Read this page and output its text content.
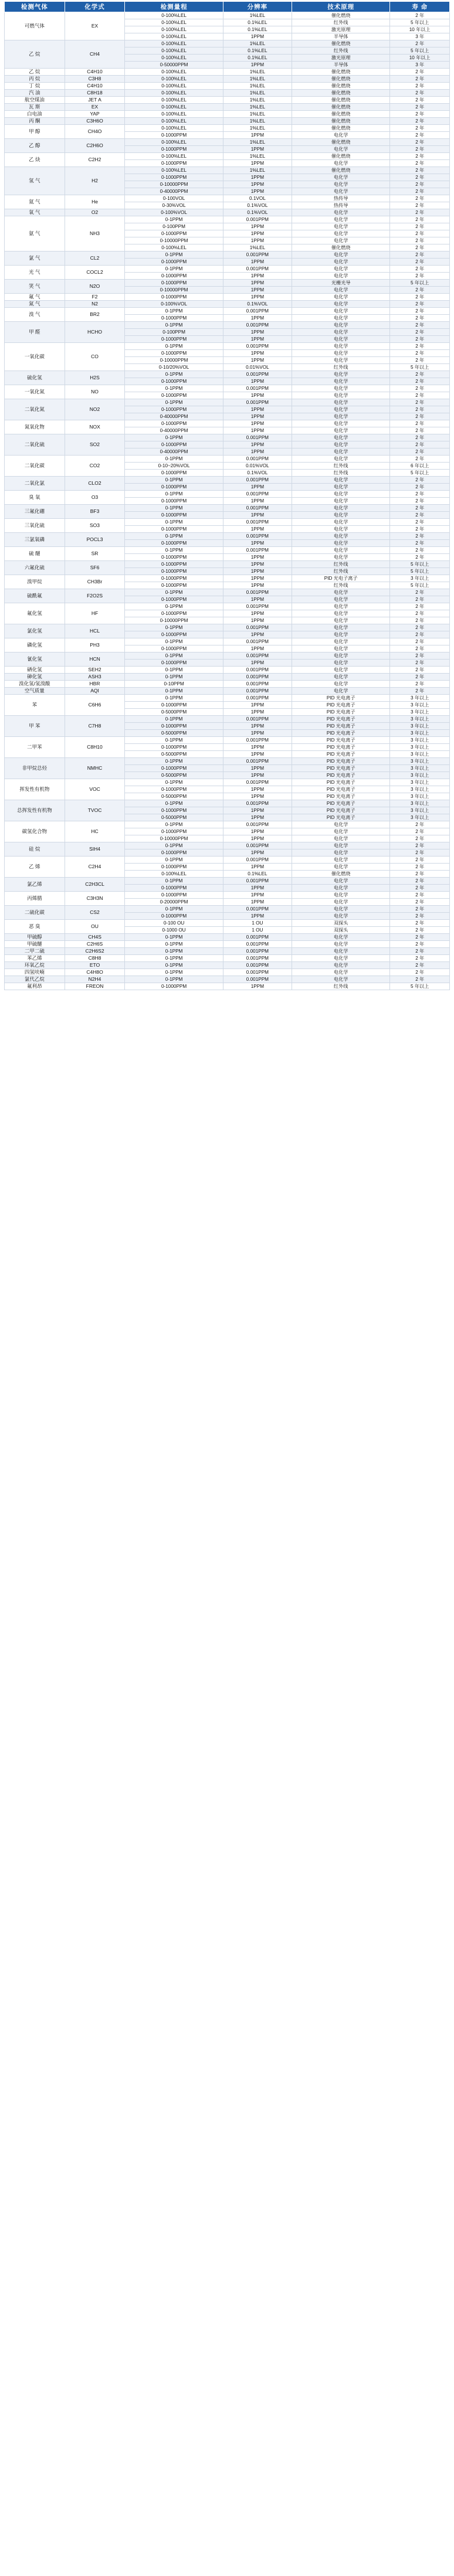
检测气体	化学式	检测量程	分辨率	技术原理	寿 命
可燃气体	EX	0-100%LEL	1%LEL	催化燃烧	2 年
		0-100%LEL	0.1%LEL	红外线	5 年以上
		0-100%LEL	0.1%LEL	激光原理	10 年以上
		0-100%LEL	1PPM	半导体	3 年
乙 烷	CH4	0-100%LEL	1%LEL	催化燃烧	2 年
		0-100%LEL	0.1%LEL	红外线	5 年以上
		0-100%LEL	0.1%LEL	激光原理	10 年以上
		0-50000PPM	1PPM	半导体	3 年
乙 烷	C4H10	0-100%LEL	1%LEL	催化燃烧	2 年
丙 烷	C3H8	0-100%LEL	1%LEL	催化燃烧	2 年
丁 烷	C4H10	0-100%LEL	1%LEL	催化燃烧	2 年
汽 油	C8H18	0-100%LEL	1%LEL	催化燃烧	2 年
航空煤油	JET A	0-100%LEL	1%LEL	催化燃烧	2 年
瓦 斯	EX	0-100%LEL	1%LEL	催化燃烧	2 年
白电油	YAP	0-100%LEL	1%LEL	催化燃烧	2 年
丙 酮	C3H6O	0-100%LEL	1%LEL	催化燃烧	2 年
甲 醇	CH4O	0-100%LEL	1%LEL	催化燃烧	2 年
		0-1000PPM	1PPM	电化学	2 年
乙 醇	C2H6O	0-100%LEL	1%LEL	催化燃烧	2 年
		0-1000PPM	1PPM	电化学	2 年
乙 炔	C2H2	0-100%LEL	1%LEL	催化燃烧	2 年
		0-1000PPM	1PPM	电化学	2 年
氢 气	H2	0-100%LEL	1%LEL	催化燃烧	2 年
		0-1000PPM	1PPM	电化学	2 年
		0-10000PPM	1PPM	电化学	2 年
		0-40000PPM	1PPM	电化学	2 年
氦 气	He	0-100VOL	0.1VOL	热传导	2 年
		0-30%VOL	0.1%VOL	热传导	2 年
氧 气	O2	0-100%VOL	0.1%VOL	电化学	2 年
氨 气	NH3	0-1PPM	0.001PPM	电化学	2 年
		0-100PPM	1PPM	电化学	2 年
		0-1000PPM	1PPM	电化学	2 年
		0-10000PPM	1PPM	电化学	2 年
		0-100%LEL	1%LEL	催化燃烧	2 年
氯 气	CL2	0-1PPM	0.001PPM	电化学	2 年
		0-1000PPM	1PPM	电化学	2 年
光 气	COCL2	0-1PPM	0.001PPM	电化学	2 年
		0-1000PPM	1PPM	电化学	2 年
笑 气	N2O	0-1000PPM	1PPM	光栅光导	5 年以上
		0-10000PPM	1PPM	电化学	2 年
氟 气	F2	0-1000PPM	1PPM	电化学	2 年
氮 气	N2	0-100%VOL	0.1%VOL	电化学	2 年
溴 气	BR2	0-1PPM	0.001PPM	电化学	2 年
		0-1000PPM	1PPM	电化学	2 年
甲 醛	HCHO	0-1PPM	0.001PPM	电化学	2 年
		0-100PPM	1PPM	电化学	2 年
		0-1000PPM	1PPM	电化学	2 年
一氧化碳	CO	0-1PPM	0.001PPM	电化学	2 年
		0-1000PPM	1PPM	电化学	2 年
		0-10000PPM	1PPM	电化学	2 年
		0-10/20%VOL	0.01%VOL	红外线	5 年以上
硫化氢	H2S	0-1PPM	0.001PPM	电化学	2 年
		0-1000PPM	1PPM	电化学	2 年
一氧化氮	NO	0-1PPM	0.001PPM	电化学	2 年
		0-1000PPM	1PPM	电化学	2 年
二氧化氮	NO2	0-1PPM	0.001PPM	电化学	2 年
		0-1000PPM	1PPM	电化学	2 年
		0-40000PPM	1PPM	电化学	2 年
氮氧化物	NOX	0-1000PPM	1PPM	电化学	2 年
		0-40000PPM	1PPM	电化学	2 年
二氧化硫	SO2	0-1PPM	0.001PPM	电化学	2 年
		0-1000PPM	1PPM	电化学	2 年
		0-40000PPM	1PPM	电化学	2 年
二氧化碳	CO2	0-1PPM	0.001PPM	电化学	2 年
		0-10~20%VOL	0.01%VOL	红外线	6 年以上
		0-1000PPM	0.1%VOL	红外线	5 年以上
二氧化氯	CLO2	0-1PPM	0.001PPM	电化学	2 年
		0-1000PPM	1PPM	电化学	2 年
臭 氧	O3	0-1PPM	0.001PPM	电化学	2 年
		0-1000PPM	1PPM	电化学	2 年
三氟化硼	BF3	0-1PPM	0.001PPM	电化学	2 年
		0-1000PPM	1PPM	电化学	2 年
三氧化硫	SO3	0-1PPM	0.001PPM	电化学	2 年
		0-1000PPM	1PPM	电化学	2 年
三氯氧磷	POCL3	0-1PPM	0.001PPM	电化学	2 年
		0-1000PPM	1PPM	电化学	2 年
硫 醚	SR	0-1PPM	0.001PPM	电化学	2 年
		0-1000PPM	1PPM	电化学	2 年
六氟化硫	SF6	0-1000PPM	1PPM	红外线	5 年以上
		0-1000PPM	1PPM	红外线	5 年以上
溴甲烷	CH3Br	0-1000PPM	1PPM	PID 光电子离子	3 年以上
		0-1000PPM	1PPM	红外线	5 年以上
硫酰氟	F2O2S	0-1PPM	0.001PPM	电化学	2 年
		0-1000PPM	1PPM	电化学	2 年
氟化氢	HF	0-1PPM	0.001PPM	电化学	2 年
		0-1000PPM	1PPM	电化学	2 年
		0-10000PPM	1PPM	电化学	2 年
氯化氢	HCL	0-1PPM	0.001PPM	电化学	2 年
		0-1000PPM	1PPM	电化学	2 年
磷化氢	PH3	0-1PPM	0.001PPM	电化学	2 年
		0-1000PPM	1PPM	电化学	2 年
氰化氢	HCN	0-1PPM	0.001PPM	电化学	2 年
		0-1000PPM	1PPM	电化学	2 年
硒化氢	SEH2	0-1PPM	0.001PPM	电化学	2 年
砷化氢	ASH3	0-1PPM	0.001PPM	电化学	2 年
溴化氢/氢溴酸	HBR	0-10PPM	0.001PPM	电化学	2 年
空气质量	AQI	0-1PPM	0.001PPM	电化学	2 年
苯	C6H6	0-1PPM	0.001PPM	PID 光电离子	3 年以上
		0-1000PPM	1PPM	PID 光电离子	3 年以上
		0-5000PPM	1PPM	PID 光电离子	3 年以上
甲 苯	C7H8	0-1PPM	0.001PPM	PID 光电离子	3 年以上
		0-1000PPM	1PPM	PID 光电离子	3 年以上
		0-5000PPM	1PPM	PID 光电离子	3 年以上
二甲苯	C8H10	0-1PPM	0.001PPM	PID 光电离子	3 年以上
		0-1000PPM	1PPM	PID 光电离子	3 年以上
		0-5000PPM	1PPM	PID 光电离子	3 年以上
非甲烷总烃	NMHC	0-1PPM	0.001PPM	PID 光电离子	3 年以上
		0-1000PPM	1PPM	PID 光电离子	3 年以上
		0-5000PPM	1PPM	PID 光电离子	3 年以上
挥发性有机物	VOC	0-1PPM	0.001PPM	PID 光电离子	3 年以上
		0-1000PPM	1PPM	PID 光电离子	3 年以上
		0-5000PPM	1PPM	PID 光电离子	3 年以上
总挥发性有机物	TVOC	0-1PPM	0.001PPM	PID 光电离子	3 年以上
		0-1000PPM	1PPM	PID 光电离子	3 年以上
		0-5000PPM	1PPM	PID 光电离子	3 年以上
碳氢化合物	HC	0-1PPM	0.001PPM	电化学	2 年
		0-1000PPM	1PPM	电化学	2 年
		0-10000PPM	1PPM	电化学	2 年
硅 烷	SIH4	0-1PPM	0.001PPM	电化学	2 年
		0-1000PPM	1PPM	电化学	2 年
乙 烯	C2H4	0-1PPM	0.001PPM	电化学	2 年
		0-1000PPM	1PPM	电化学	2 年
		0-100%LEL	0.1%LEL	催化燃烧	2 年
氯乙烯	C2H3CL	0-1PPM	0.001PPM	电化学	2 年
		0-1000PPM	1PPM	电化学	2 年
丙烯腈	C3H3N	0-1000PPM	1PPM	电化学	2 年
		0-20000PPM	1PPM	电化学	2 年
二硫化碳	CS2	0-1PPM	0.001PPM	电化学	2 年
		0-1000PPM	1PPM	电化学	2 年
恶 臭	OU	0-100 OU	1 OU	双探头	2 年
		0-1000 OU	1 OU	双探头	2 年
甲硫醇	CH4S	0-1PPM	0.001PPM	电化学	2 年
甲硫醚	C2H6S	0-1PPM	0.001PPM	电化学	2 年
二甲二硫	C2H6S2	0-1PPM	0.001PPM	电化学	2 年
苯乙烯	C8H8	0-1PPM	0.001PPM	电化学	2 年
环氧乙烷	ETO	0-1PPM	0.001PPM	电化学	2 年
四氢呋喃	C4H8O	0-1PPM	0.001PPM	电化学	2 年
氯代乙烷	N2H4	0-1PPM	0.001PPM	电化学	2 年
氟利昂	FREON	0-1000PPM	1PPM	红外线	5 年以上
